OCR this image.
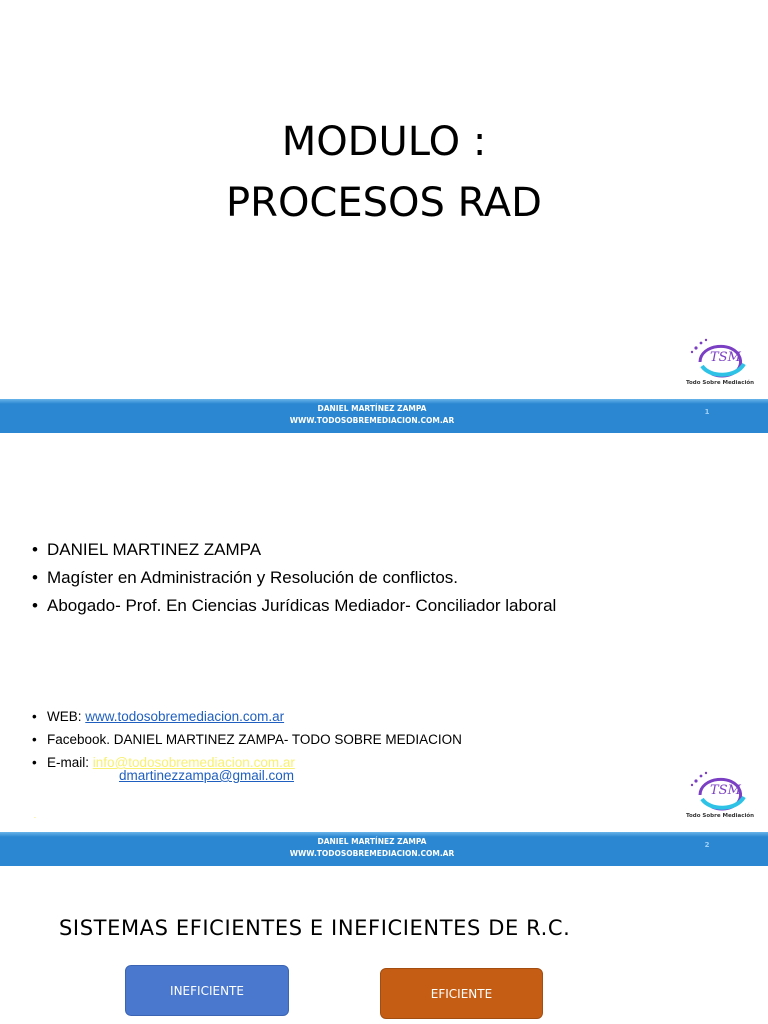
MODULO :
PROCESOS RAD
TSM
Todo Sobre Mediación
DANIEL MARTÍNEZ ZAMPA
WWW.TODOSOBREMEDIACION.COM.AR
1
• DANIEL MARTINEZ ZAMPA
• Magíster en Administración y Resolución de conflictos.
• Abogado- Prof. En Ciencias Jurídicas Mediador- Conciliador laboral
• WEB: www.todosobremediacion.com.ar
• Facebook. DANIEL MARTINEZ ZAMPA- TODO SOBRE MEDIACION
• E-mail: info@todosobremediacion.com.ar
dmartinezzampa@gmail.com
.
TSM
Todo Sobre Mediación
DANIEL MARTÍNEZ ZAMPA
WWW.TODOSOBREMEDIACION.COM.AR
2
SISTEMAS EFICIENTES E INEFICIENTES DE R.C.
INEFICIENTE	EFICIENTE
